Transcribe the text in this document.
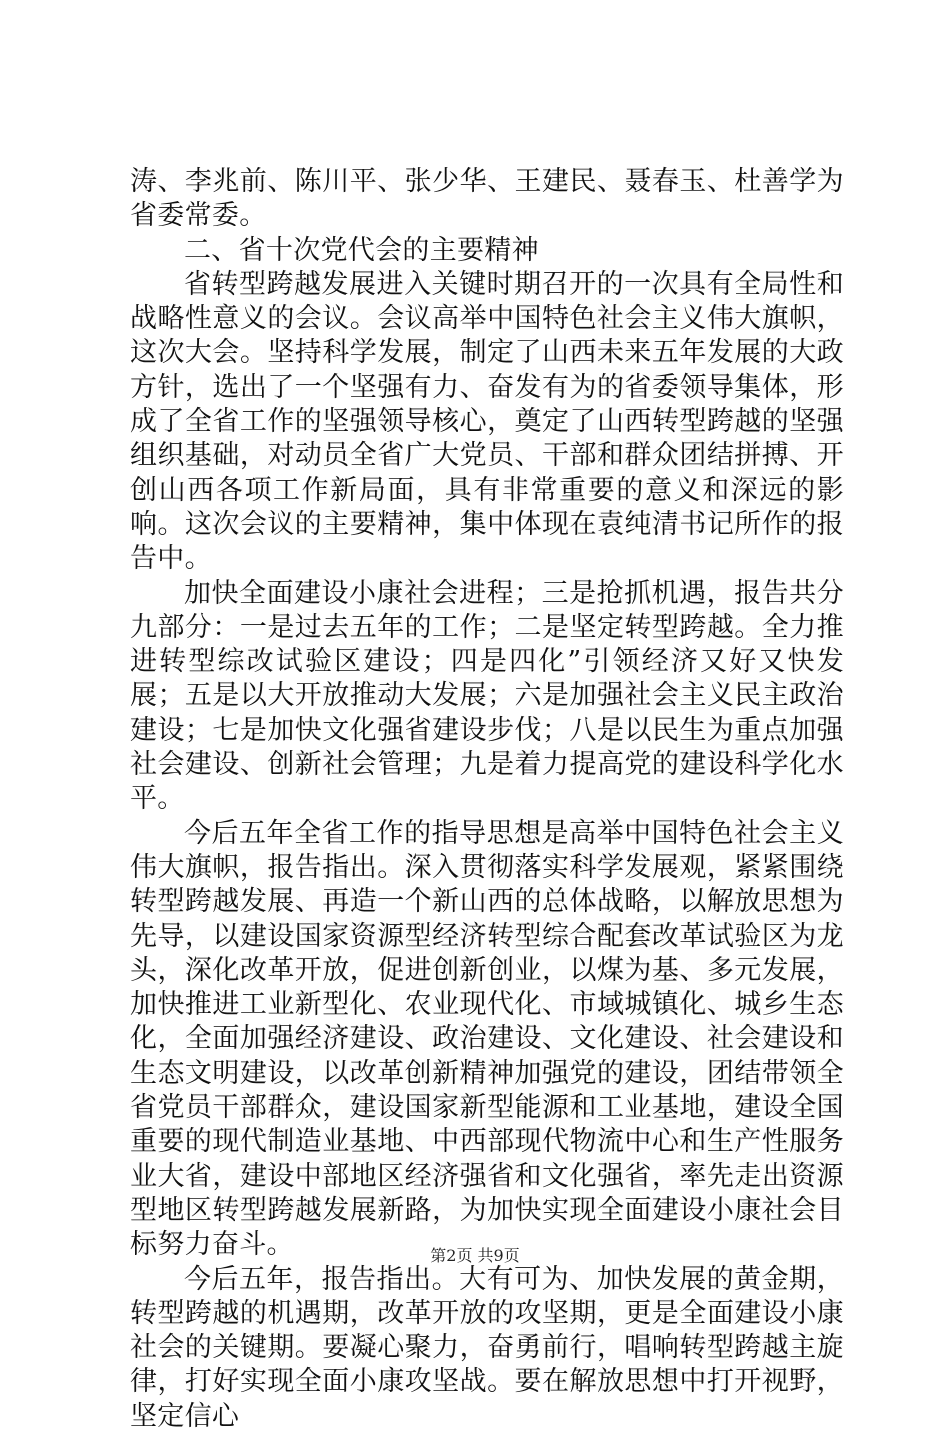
涛、李兆前、陈川平、张少华、王建民、聂春玉、杜善学为省委常委。

二、省十次党代会的主要精神

省转型跨越发展进入关键时期召开的一次具有全局性和战略性意义的会议。会议高举中国特色社会主义伟大旗帜，这次大会。坚持科学发展，制定了山西未来五年发展的大政方针，选出了一个坚强有力、奋发有为的省委领导集体，形成了全省工作的坚强领导核心，奠定了山西转型跨越的坚强组织基础，对动员全省广大党员、干部和群众团结拼搏、开创山西各项工作新局面，具有非常重要的意义和深远的影响。这次会议的主要精神，集中体现在袁纯清书记所作的报告中。

加快全面建设小康社会进程；三是抢抓机遇，报告共分九部分：一是过去五年的工作；二是坚定转型跨越。全力推进转型综改试验区建设；四是四化”引领经济又好又快发展；五是以大开放推动大发展；六是加强社会主义民主政治建设；七是加快文化强省建设步伐；八是以民生为重点加强社会建设、创新社会管理；九是着力提高党的建设科学化水平。

今后五年全省工作的指导思想是高举中国特色社会主义伟大旗帜，报告指出。深入贯彻落实科学发展观，紧紧围绕转型跨越发展、再造一个新山西的总体战略，以解放思想为先导，以建设国家资源型经济转型综合配套改革试验区为龙头，深化改革开放，促进创新创业，以煤为基、多元发展，加快推进工业新型化、农业现代化、市域城镇化、城乡生态化，全面加强经济建设、政治建设、文化建设、社会建设和生态文明建设，以改革创新精神加强党的建设，团结带领全省党员干部群众，建设国家新型能源和工业基地，建设全国重要的现代制造业基地、中西部现代物流中心和生产性服务业大省，建设中部地区经济强省和文化强省，率先走出资源型地区转型跨越发展新路，为加快实现全面建设小康社会目标努力奋斗。

今后五年，报告指出。大有可为、加快发展的黄金期，转型跨越的机遇期，改革开放的攻坚期，更是全面建设小康社会的关键期。要凝心聚力，奋勇前行，唱响转型跨越主旋律，打好实现全面小康攻坚战。要在解放思想中打开视野，坚定信心

第2页 共9页
